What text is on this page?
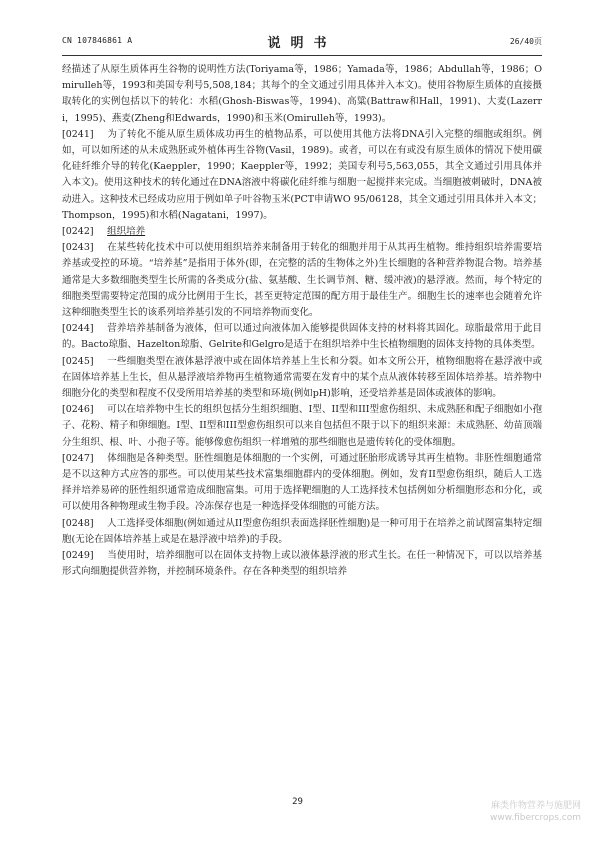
CN 107846861 A	说明书	26/40页

经描述了从原生质体再生谷物的说明性方法(Toriyama等，1986；Yamada等，1986；Abdullah等，1986；Omirulleh等，1993和美国专利号5,508,184；其每个的全文通过引用具体并入本文)。使用谷物原生质体的直接摄取转化的实例包括以下的转化：水稻(Ghosh-Biswas等，1994)、高粱(Battraw和Hall，1991)、大麦(Lazerri，1995)、燕麦(Zheng和Edwards，1990)和玉米(Omirulleh等，1993)。

[0241]  为了转化不能从原生质体成功再生的植物品系，可以使用其他方法将DNA引入完整的细胞或组织。例如，可以如所述的从未成熟胚或外植体再生谷物(Vasil，1989)。或者，可以在有或没有原生质体的情况下使用碳化硅纤维介导的转化(Kaeppler，1990；Kaeppler等，1992；美国专利号5,563,055，其全文通过引用具体并入本文)。使用这种技术的转化通过在DNA溶液中将碳化硅纤维与细胞一起搅拌来完成。当细胞被刺破时，DNA被动进入。这种技术已经成功应用于例如单子叶谷物玉米(PCT申请WO 95/06128，其全文通过引用具体并入本文；Thompson，1995)和水稻(Nagatani，1997)。

[0242]  组织培养

[0243]  在某些转化技术中可以使用组织培养来制备用于转化的细胞并用于从其再生植物。维持组织培养需要培养基或受控的环境。“培养基”是指用于体外(即，在完整的活的生物体之外)生长细胞的各种营养物混合物。培养基通常是大多数细胞类型生长所需的各类成分(盐、氨基酸、生长调节剂、糖、缓冲液)的悬浮液。然而，每个特定的细胞类型需要特定范围的成分比例用于生长，甚至更特定范围的配方用于最佳生产。细胞生长的速率也会随着允许这种细胞类型生长的该系列培养基引发的不同培养物而变化。

[0244]  营养培养基制备为液体，但可以通过向液体加入能够提供固体支持的材料将其固化。琼脂最常用于此目的。Bacto琼脂、Hazelton琼脂、Gelrite和Gelgro是适于在组织培养中生长植物细胞的固体支持物的具体类型。

[0245]  一些细胞类型在液体悬浮液中或在固体培养基上生长和分裂。如本文所公开，植物细胞将在悬浮液中或在固体培养基上生长，但从悬浮液培养物再生植物通常需要在发育中的某个点从液体转移至固体培养基。培养物中细胞分化的类型和程度不仅受所用培养基的类型和环境(例如pH)影响，还受培养基是固体或液体的影响。

[0246]  可以在培养物中生长的组织包括分生组织细胞、I型、II型和III型愈伤组织、未成熟胚和配子细胞如小孢子、花粉、精子和卵细胞。I型、II型和III型愈伤组织可以来自包括但不限于以下的组织来源：未成熟胚、幼苗顶端分生组织、根、叶、小孢子等。能够像愈伤组织一样增殖的那些细胞也是遗传转化的受体细胞。

[0247]  体细胞是各种类型。胚性细胞是体细胞的一个实例，可通过胚胎形成诱导其再生植物。非胚性细胞通常是不以这种方式应答的那些。可以使用某些技术富集细胞群内的受体细胞。例如，发育II型愈伤组织，随后人工选择并培养易碎的胚性组织通常造成细胞富集。可用于选择靶细胞的人工选择技术包括例如分析细胞形态和分化，或可以使用各种物理或生物手段。冷冻保存也是一种选择受体细胞的可能方法。

[0248]  人工选择受体细胞(例如通过从II型愈伤组织表面选择胚性细胞)是一种可用于在培养之前试图富集特定细胞(无论在固体培养基上或是在悬浮液中培养)的手段。

[0249]  当使用时，培养细胞可以在固体支持物上或以液体悬浮液的形式生长。在任一种情况下，可以以培养基形式向细胞提供营养物，并控制环境条件。存在各种类型的组织培养

29	麻类作物营养与施肥网
www.fibercrops.com
